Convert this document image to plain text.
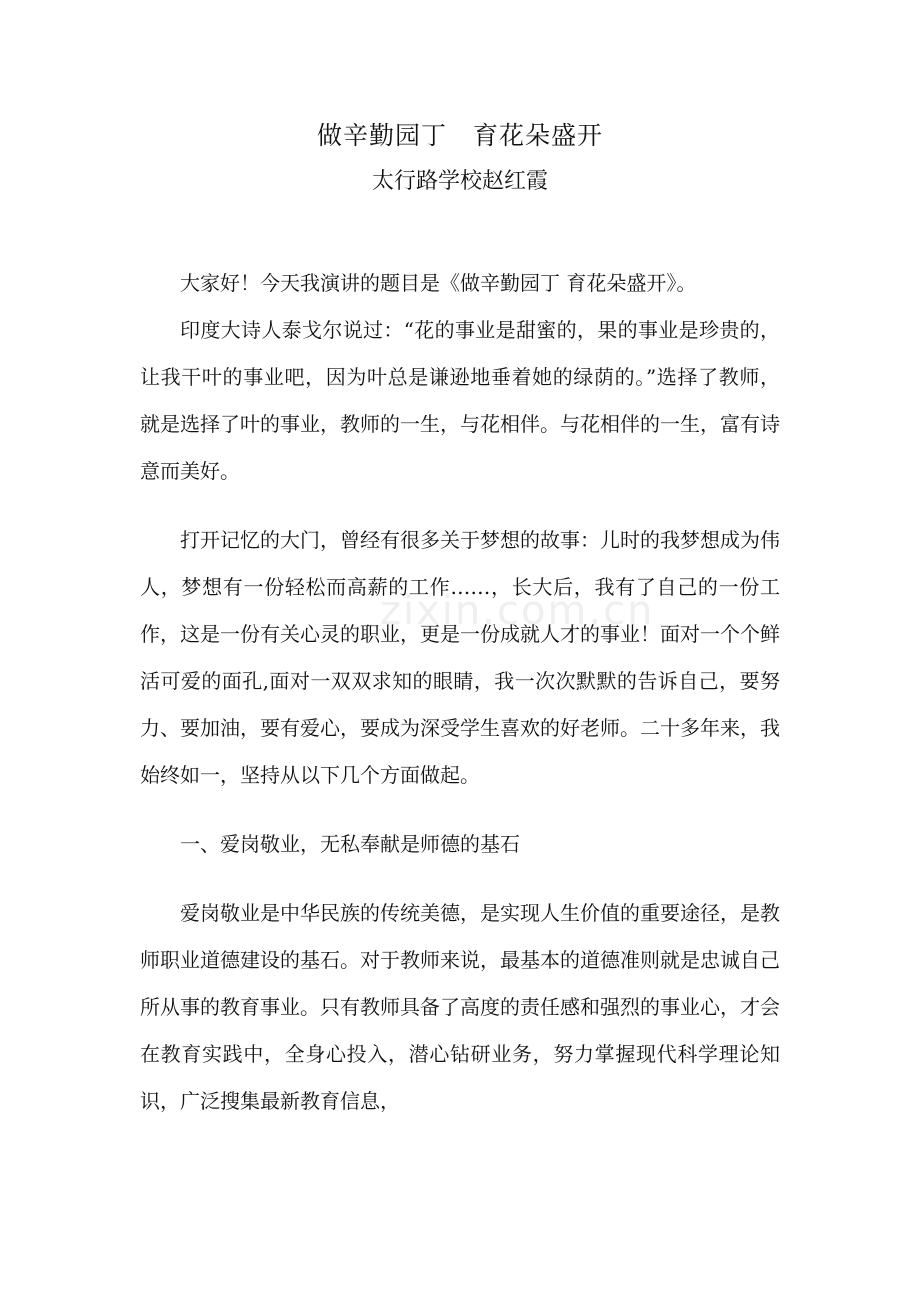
做辛勤园丁　育花朵盛开
太行路学校赵红霞

大家好！今天我演讲的题目是《做辛勤园丁 育花朵盛开》。

印度大诗人泰戈尔说过：“花的事业是甜蜜的，果的事业是珍贵的，让我干叶的事业吧，因为叶总是谦逊地垂着她的绿荫的。”选择了教师，就是选择了叶的事业，教师的一生，与花相伴。与花相伴的一生，富有诗意而美好。

打开记忆的大门，曾经有很多关于梦想的故事：儿时的我梦想成为伟人，梦想有一份轻松而高薪的工作……，长大后，我有了自己的一份工作，这是一份有关心灵的职业，更是一份成就人才的事业！面对一个个鲜活可爱的面孔,面对一双双求知的眼睛，我一次次默默的告诉自己，要努力、要加油，要有爱心，要成为深受学生喜欢的好老师。二十多年来，我始终如一，坚持从以下几个方面做起。

一、爱岗敬业，无私奉献是师德的基石

爱岗敬业是中华民族的传统美德，是实现人生价值的重要途径，是教师职业道德建设的基石。对于教师来说，最基本的道德准则就是忠诚自己所从事的教育事业。只有教师具备了高度的责任感和强烈的事业心，才会在教育实践中，全身心投入，潜心钻研业务，努力掌握现代科学理论知识，广泛搜集最新教育信息，

zixin.com.cn
